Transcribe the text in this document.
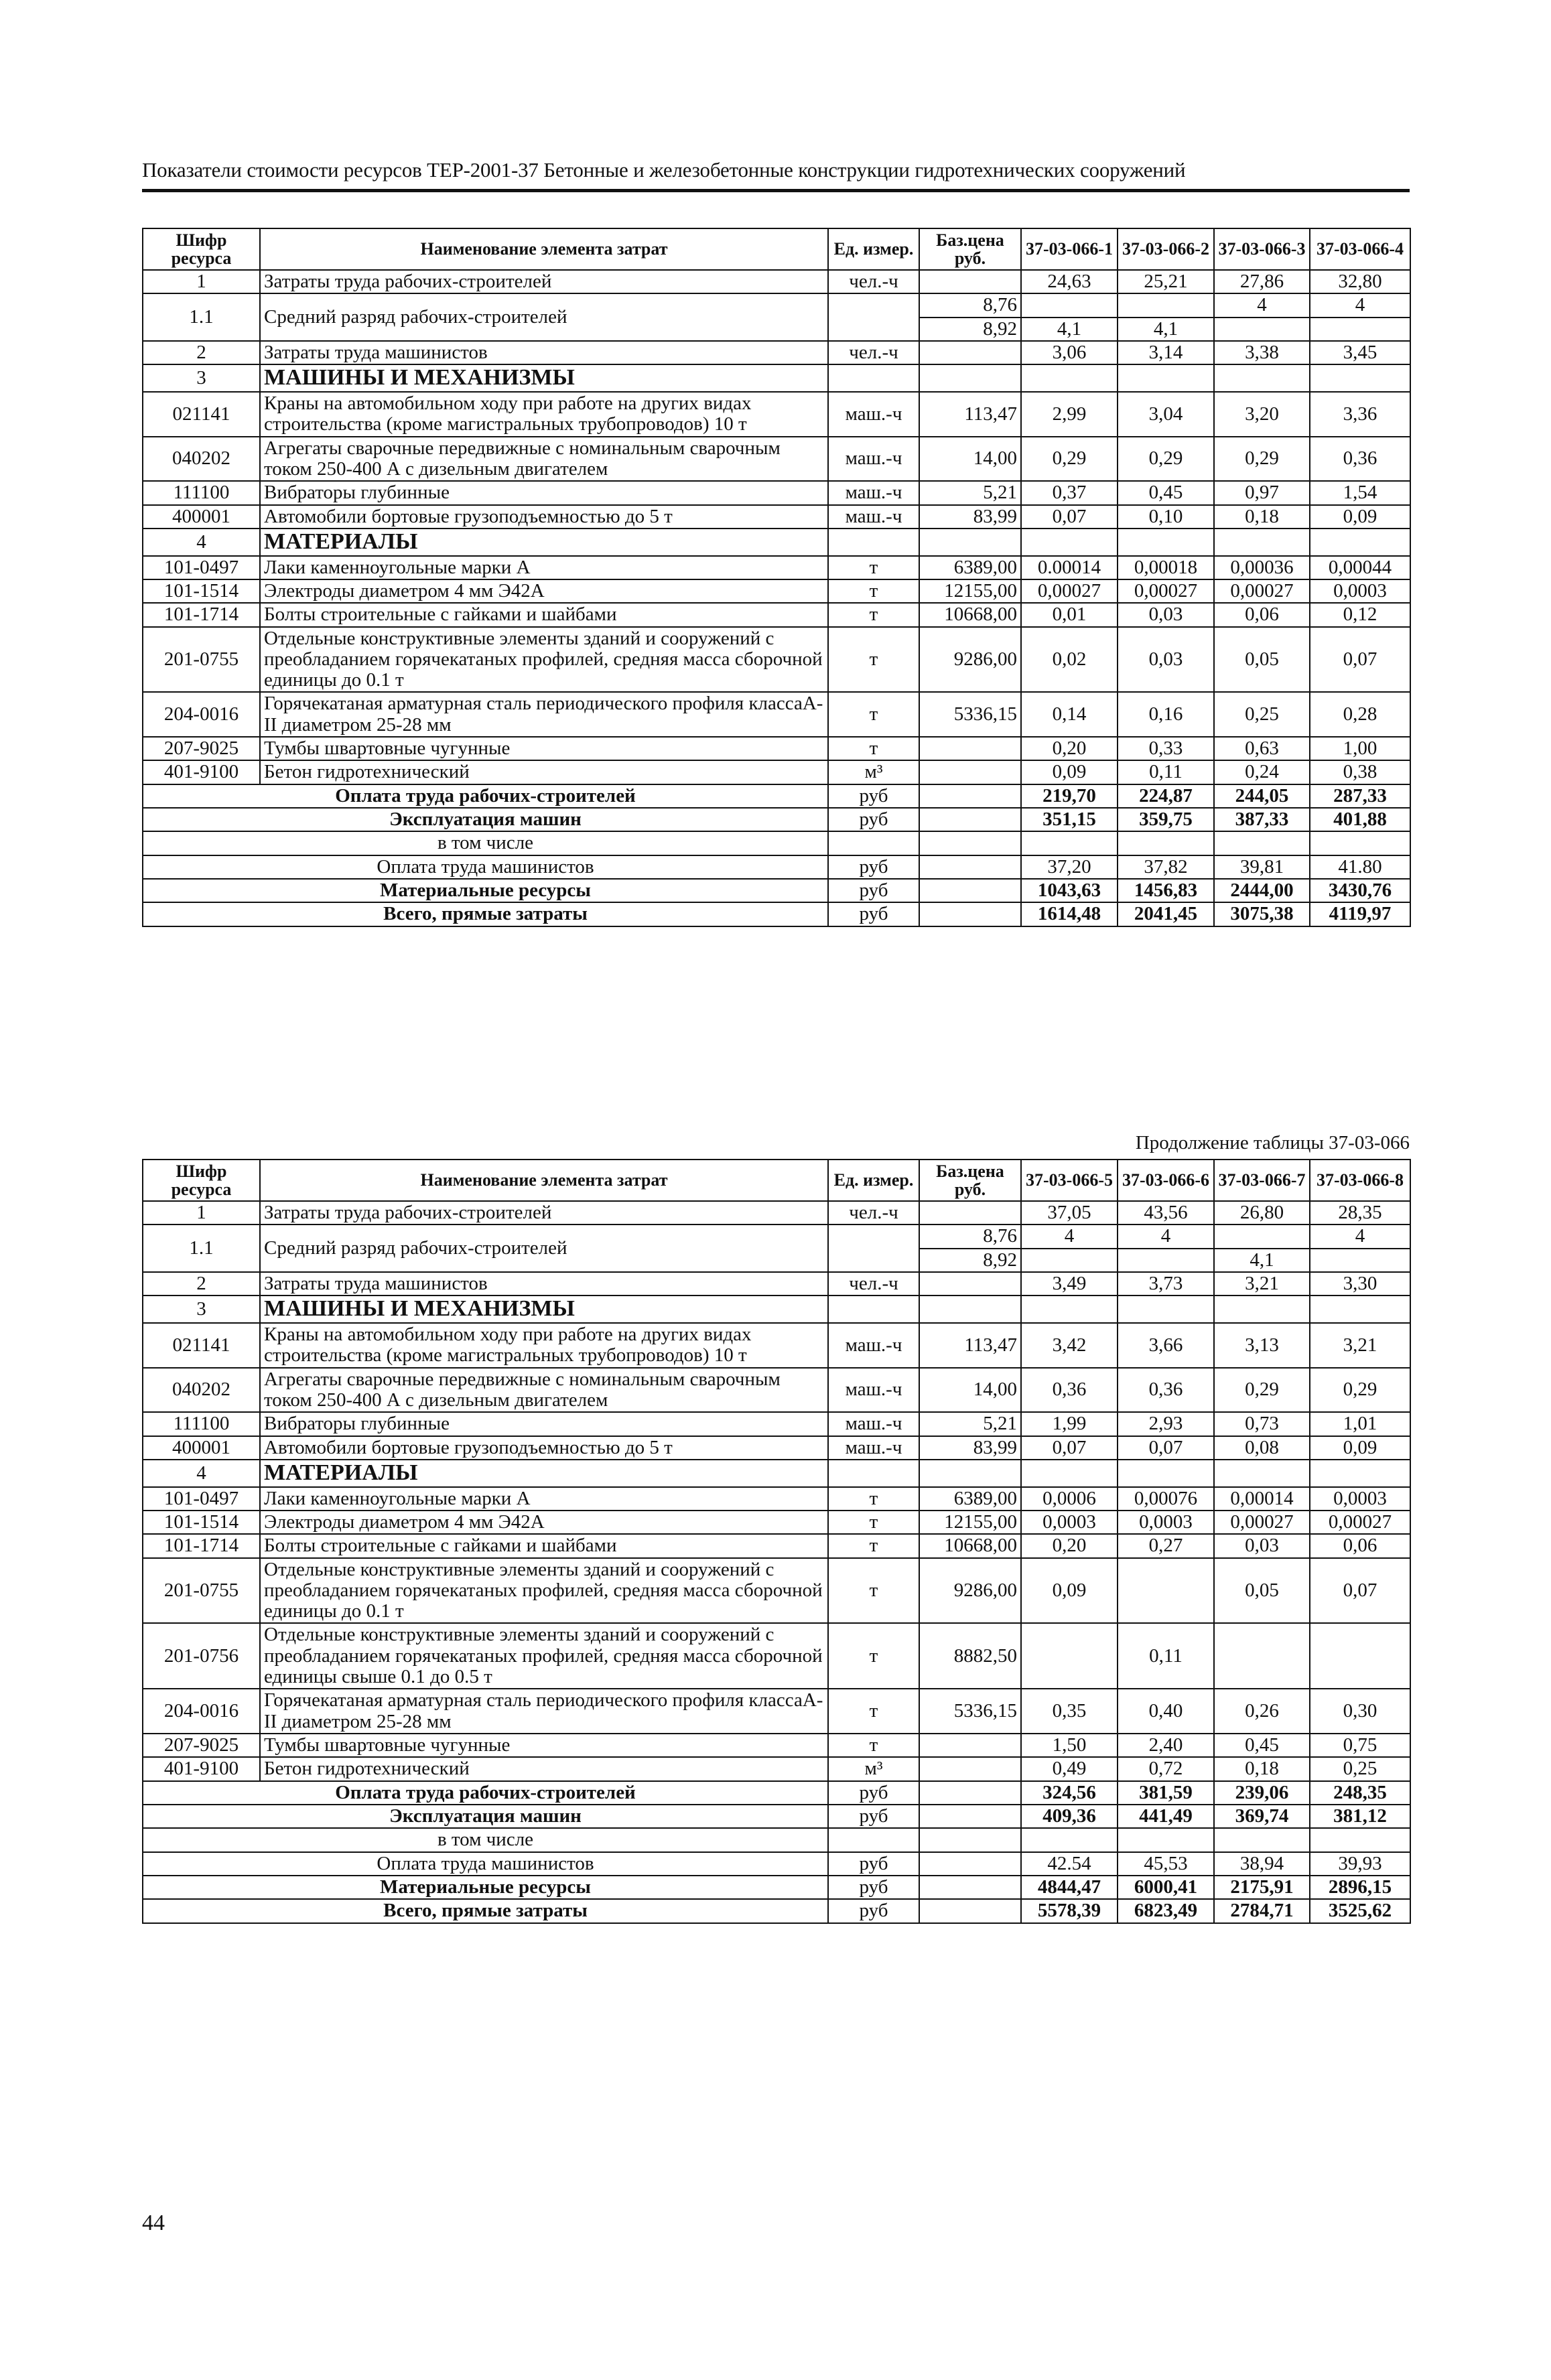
Показатели стоимости ресурсов ТЕР-2001-37 Бетонные и железобетонные конструкции гидротехнических сооружений
Шифр ресурса	Наименование элемента затрат	Ед. измер.	Баз.цена руб.	37-03-066-1	37-03-066-2	37-03-066-3	37-03-066-4
1	Затраты труда рабочих-строителей	чел.-ч		24,63	25,21	27,86	32,80
1.1	Средний разряд рабочих-строителей		8,76			4	4
			8,92	4,1	4,1		
2	Затраты труда машинистов	чел.-ч		3,06	3,14	3,38	3,45
3	МАШИНЫ И МЕХАНИЗМЫ						
021141	Краны на автомобильном ходу при работе на других видах строительства (кроме магистральных трубопроводов) 10 т	маш.-ч	113,47	2,99	3,04	3,20	3,36
040202	Агрегаты сварочные передвижные с номинальным сварочным током 250-400 А с дизельным двигателем	маш.-ч	14,00	0,29	0,29	0,29	0,36
111100	Вибраторы глубинные	маш.-ч	5,21	0,37	0,45	0,97	1,54
400001	Автомобили бортовые грузоподъемностью до 5 т	маш.-ч	83,99	0,07	0,10	0,18	0,09
4	МАТЕРИАЛЫ						
101-0497	Лаки каменноугольные марки А	т	6389,00	0.00014	0,00018	0,00036	0,00044
101-1514	Электроды диаметром 4 мм Э42А	т	12155,00	0,00027	0,00027	0,00027	0,0003
101-1714	Болты строительные с гайками и шайбами	т	10668,00	0,01	0,03	0,06	0,12
201-0755	Отдельные конструктивные элементы зданий и сооружений с преобладанием горячекатаных профилей, средняя масса сборочной единицы до 0.1 т	т	9286,00	0,02	0,03	0,05	0,07
204-0016	Горячекатаная арматурная сталь периодического профиля классаА-II диаметром 25-28 мм	т	5336,15	0,14	0,16	0,25	0,28
207-9025	Тумбы швартовные чугунные	т		0,20	0,33	0,63	1,00
401-9100	Бетон гидротехнический	м³		0,09	0,11	0,24	0,38
Оплата труда рабочих-строителей		руб		219,70	224,87	244,05	287,33
Эксплуатация машин		руб		351,15	359,75	387,33	401,88
в том числе							
Оплата труда машинистов		руб		37,20	37,82	39,81	41.80
Материальные ресурсы		руб		1043,63	1456,83	2444,00	3430,76
Всего, прямые затраты		руб		1614,48	2041,45	3075,38	4119,97
Продолжение таблицы 37-03-066
Шифр ресурса	Наименование элемента затрат	Ед. измер.	Баз.цена руб.	37-03-066-5	37-03-066-6	37-03-066-7	37-03-066-8
1	Затраты труда рабочих-строителей	чел.-ч		37,05	43,56	26,80	28,35
1.1	Средний разряд рабочих-строителей		8,76	4	4		4
			8,92			4,1	
2	Затраты труда машинистов	чел.-ч		3,49	3,73	3,21	3,30
3	МАШИНЫ И МЕХАНИЗМЫ						
021141	Краны на автомобильном ходу при работе на других видах строительства (кроме магистральных трубопроводов) 10 т	маш.-ч	113,47	3,42	3,66	3,13	3,21
040202	Агрегаты сварочные передвижные с номинальным сварочным током 250-400 А с дизельным двигателем	маш.-ч	14,00	0,36	0,36	0,29	0,29
111100	Вибраторы глубинные	маш.-ч	5,21	1,99	2,93	0,73	1,01
400001	Автомобили бортовые грузоподъемностью до 5 т	маш.-ч	83,99	0,07	0,07	0,08	0,09
4	МАТЕРИАЛЫ						
101-0497	Лаки каменноугольные марки А	т	6389,00	0,0006	0,00076	0,00014	0,0003
101-1514	Электроды диаметром 4 мм Э42А	т	12155,00	0,0003	0,0003	0,00027	0,00027
101-1714	Болты строительные с гайками и шайбами	т	10668,00	0,20	0,27	0,03	0,06
201-0755	Отдельные конструктивные элементы зданий и сооружений с преобладанием горячекатаных профилей, средняя масса сборочной единицы до 0.1 т	т	9286,00	0,09		0,05	0,07
201-0756	Отдельные конструктивные элементы зданий и сооружений с преобладанием горячекатаных профилей, средняя масса сборочной единицы свыше 0.1 до 0.5 т	т	8882,50		0,11		
204-0016	Горячекатаная арматурная сталь периодического профиля классаА-II диаметром 25-28 мм	т	5336,15	0,35	0,40	0,26	0,30
207-9025	Тумбы швартовные чугунные	т		1,50	2,40	0,45	0,75
401-9100	Бетон гидротехнический	м³		0,49	0,72	0,18	0,25
Оплата труда рабочих-строителей		руб		324,56	381,59	239,06	248,35
Эксплуатация машин		руб		409,36	441,49	369,74	381,12
в том числе							
Оплата труда машинистов		руб		42.54	45,53	38,94	39,93
Материальные ресурсы		руб		4844,47	6000,41	2175,91	2896,15
Всего, прямые затраты		руб		5578,39	6823,49	2784,71	3525,62
44
